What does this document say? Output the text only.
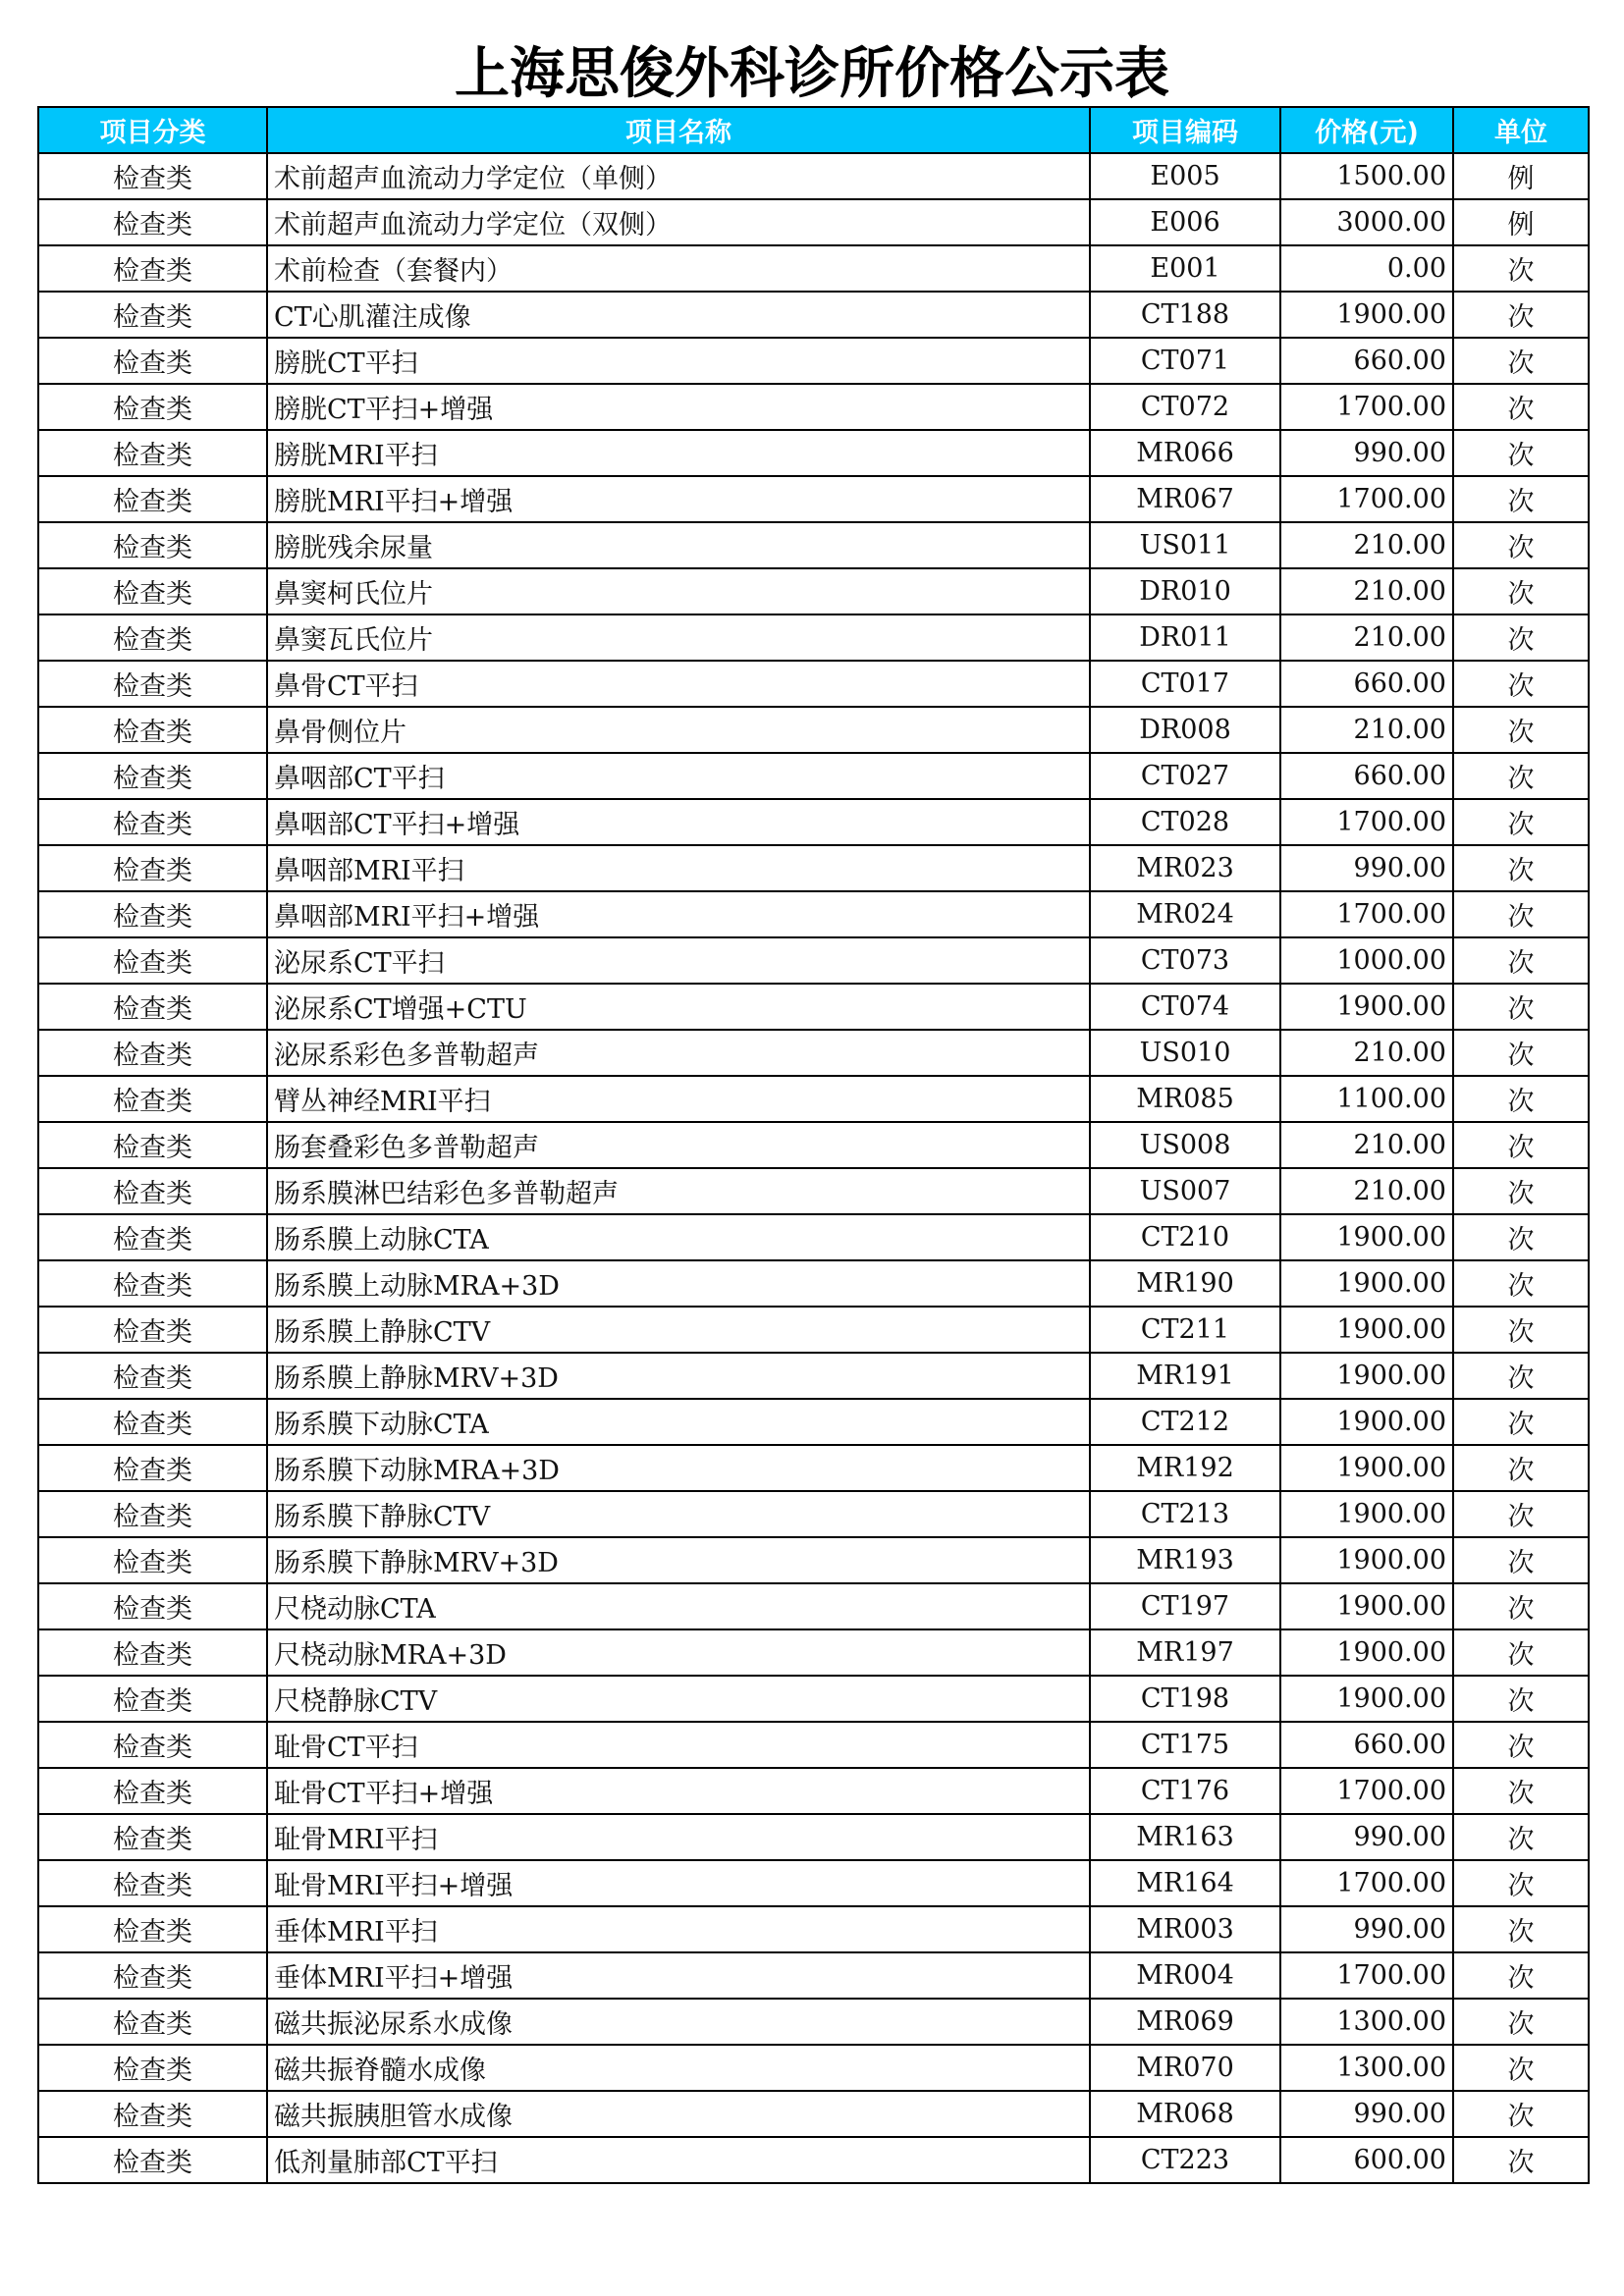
上海思俊外科诊所价格公示表
项目分类	项目名称	项目编码	价格(元)	单位
检查类	术前超声血流动力学定位（单侧）	E005	1500.00	例
检查类	术前超声血流动力学定位（双侧）	E006	3000.00	例
检查类	术前检查（套餐内）	E001	0.00	次
检查类	CT心肌灌注成像	CT188	1900.00	次
检查类	膀胱CT平扫	CT071	660.00	次
检查类	膀胱CT平扫+增强	CT072	1700.00	次
检查类	膀胱MRI平扫	MR066	990.00	次
检查类	膀胱MRI平扫+增强	MR067	1700.00	次
检查类	膀胱残余尿量	US011	210.00	次
检查类	鼻窦柯氏位片	DR010	210.00	次
检查类	鼻窦瓦氏位片	DR011	210.00	次
检查类	鼻骨CT平扫	CT017	660.00	次
检查类	鼻骨侧位片	DR008	210.00	次
检查类	鼻咽部CT平扫	CT027	660.00	次
检查类	鼻咽部CT平扫+增强	CT028	1700.00	次
检查类	鼻咽部MRI平扫	MR023	990.00	次
检查类	鼻咽部MRI平扫+增强	MR024	1700.00	次
检查类	泌尿系CT平扫	CT073	1000.00	次
检查类	泌尿系CT增强+CTU	CT074	1900.00	次
检查类	泌尿系彩色多普勒超声	US010	210.00	次
检查类	臂丛神经MRI平扫	MR085	1100.00	次
检查类	肠套叠彩色多普勒超声	US008	210.00	次
检查类	肠系膜淋巴结彩色多普勒超声	US007	210.00	次
检查类	肠系膜上动脉CTA	CT210	1900.00	次
检查类	肠系膜上动脉MRA+3D	MR190	1900.00	次
检查类	肠系膜上静脉CTV	CT211	1900.00	次
检查类	肠系膜上静脉MRV+3D	MR191	1900.00	次
检查类	肠系膜下动脉CTA	CT212	1900.00	次
检查类	肠系膜下动脉MRA+3D	MR192	1900.00	次
检查类	肠系膜下静脉CTV	CT213	1900.00	次
检查类	肠系膜下静脉MRV+3D	MR193	1900.00	次
检查类	尺桡动脉CTA	CT197	1900.00	次
检查类	尺桡动脉MRA+3D	MR197	1900.00	次
检查类	尺桡静脉CTV	CT198	1900.00	次
检查类	耻骨CT平扫	CT175	660.00	次
检查类	耻骨CT平扫+增强	CT176	1700.00	次
检查类	耻骨MRI平扫	MR163	990.00	次
检查类	耻骨MRI平扫+增强	MR164	1700.00	次
检查类	垂体MRI平扫	MR003	990.00	次
检查类	垂体MRI平扫+增强	MR004	1700.00	次
检查类	磁共振泌尿系水成像	MR069	1300.00	次
检查类	磁共振脊髓水成像	MR070	1300.00	次
检查类	磁共振胰胆管水成像	MR068	990.00	次
检查类	低剂量肺部CT平扫	CT223	600.00	次
